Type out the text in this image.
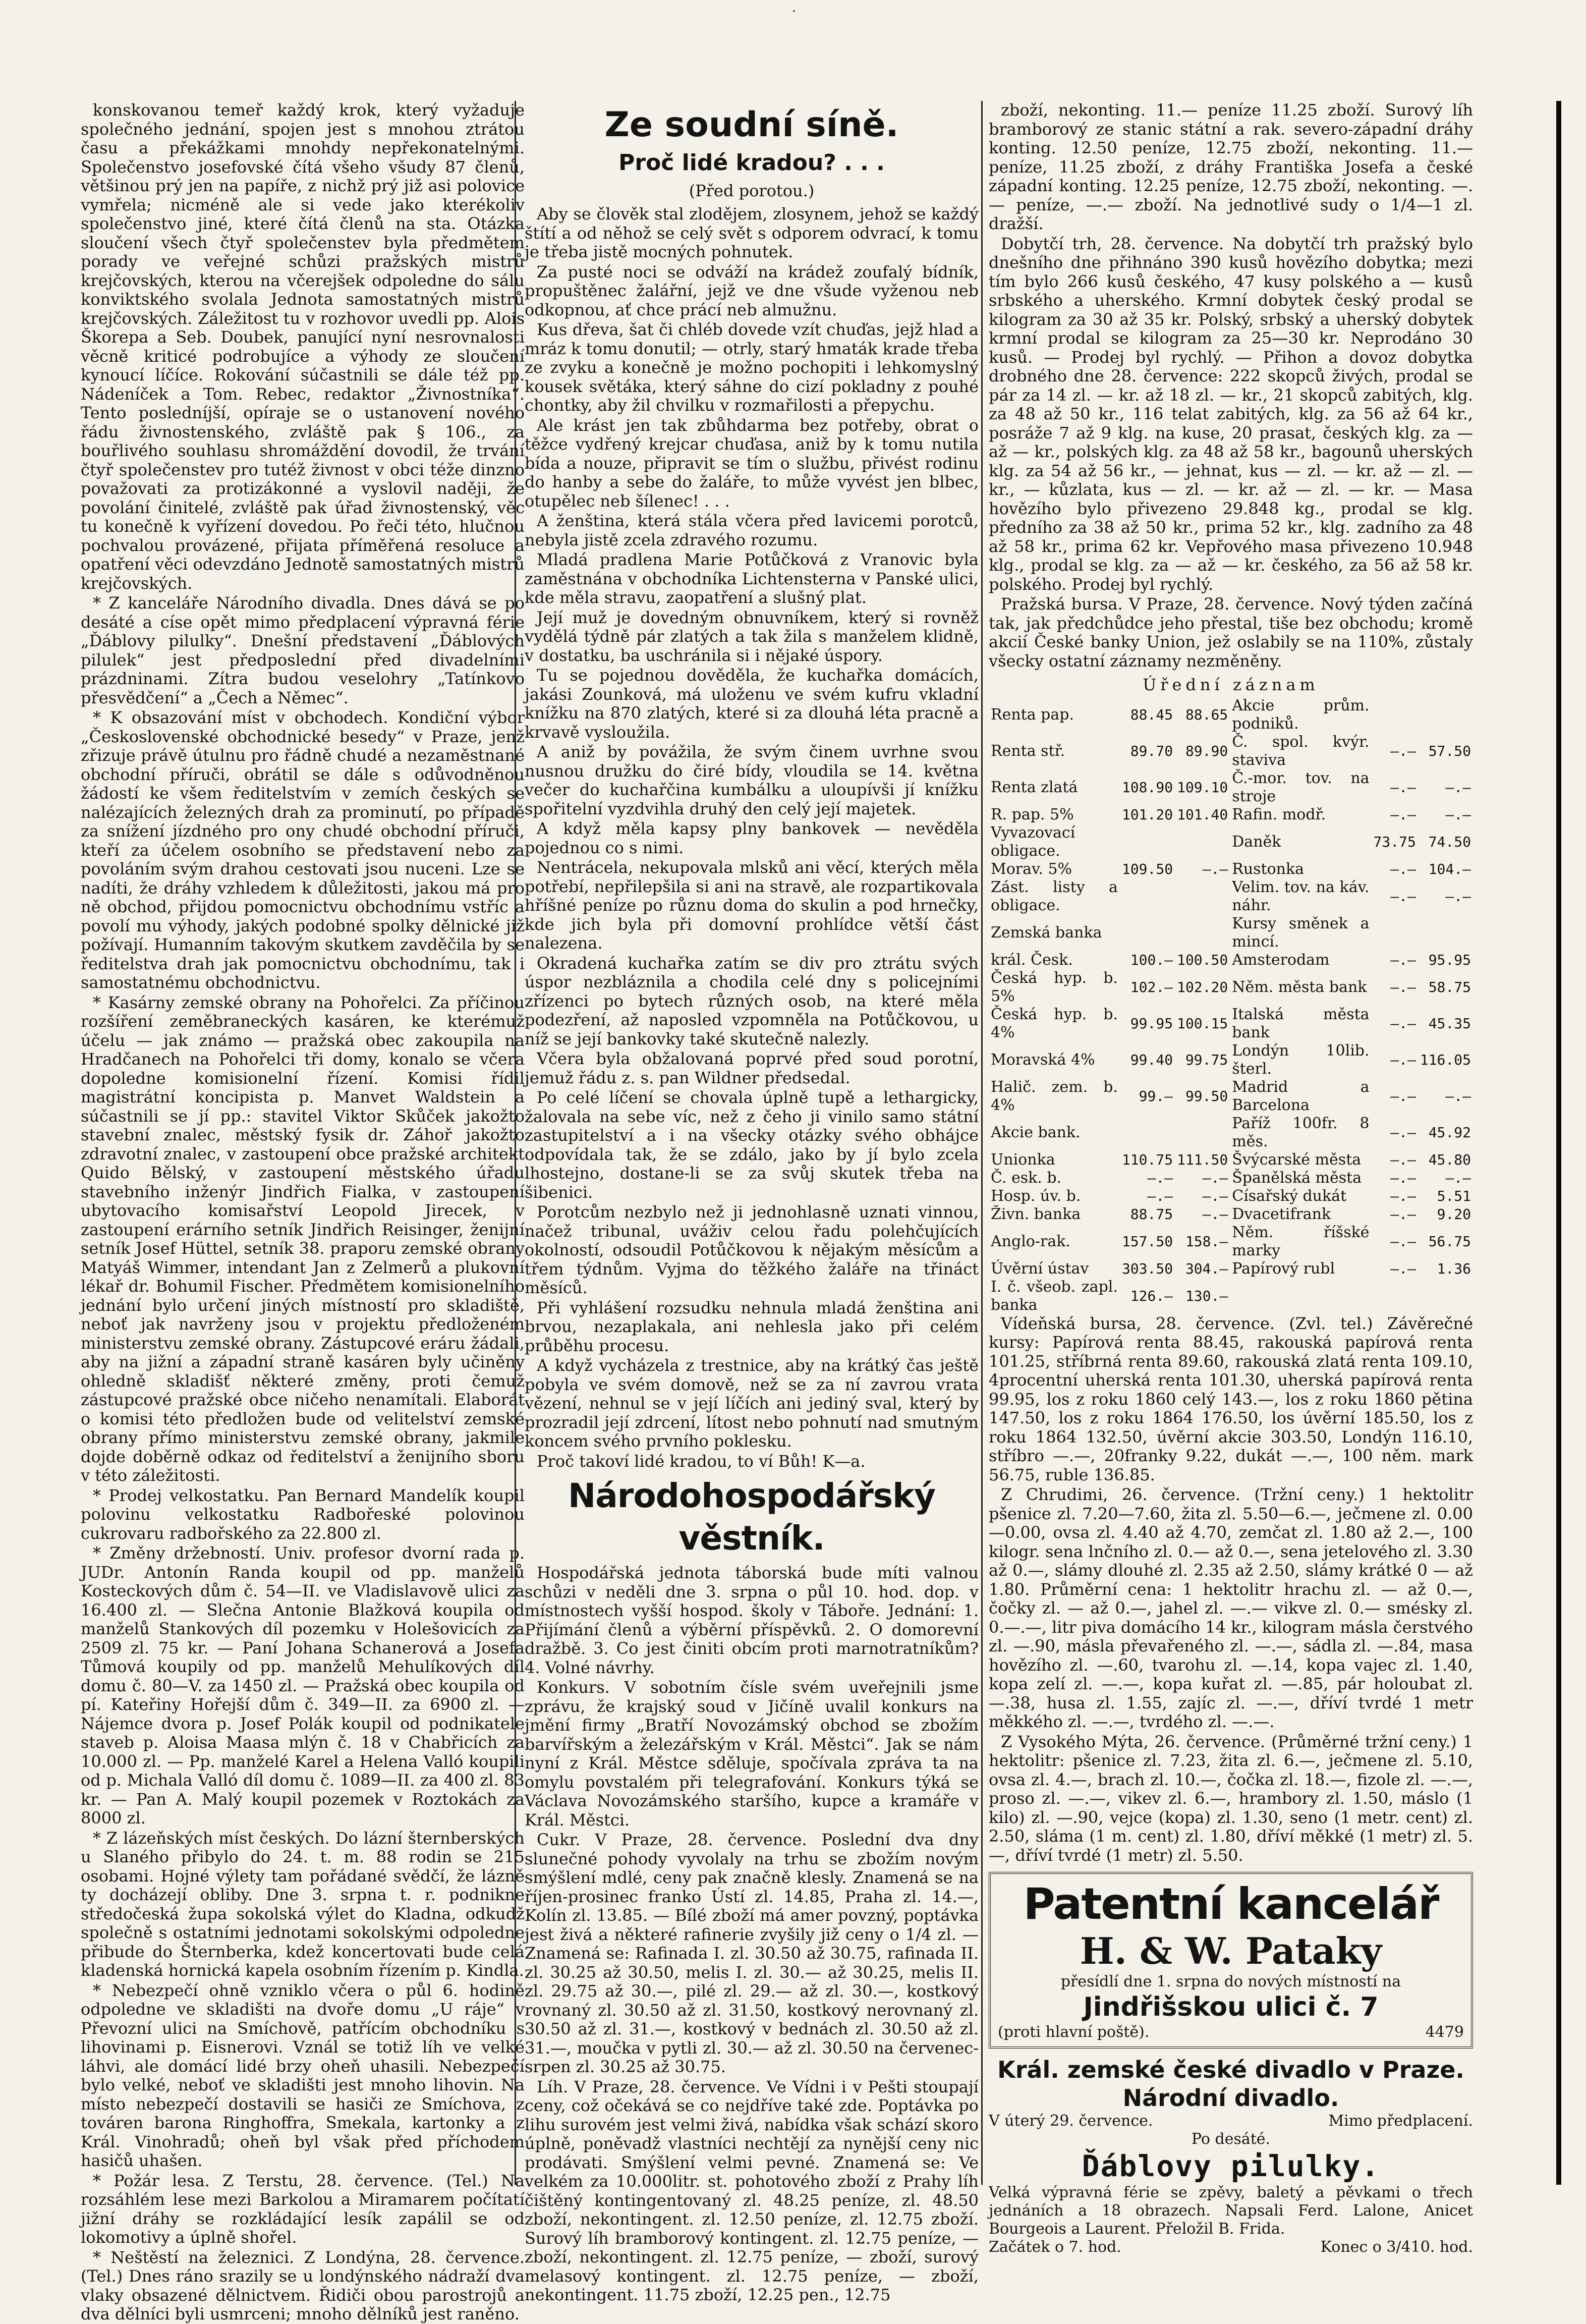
konskovanou temeř každý krok, který vyžaduje společného jednání, spojen jest s mnohou ztrátou času a překážkami mnohdy nepřekonatelnými. Společenstvo josefovské čítá všeho všudy 87 členů, většinou prý jen na papíře, z nichž prý již asi polovice vymřela; nicméně ale si vede jako kterékoliv společenstvo jiné, které čítá členů na sta. Otázka sloučení všech čtyř společenstev byla předmětem porady ve veřejné schůzi pražských mistrů krejčovských, kterou na včerejšek odpoledne do sálu konviktského svolala Jednota samostatných mistrů krejčovských. Záležitost tu v rozhovor uvedli pp. Alois Škorepa a Seb. Doubek, panující nyní nesrovnalosti věcně kriticé podrobujíce a výhody ze sloučení kynoucí líčíce. Rokování súčastnili se dále též pp. Nádeníček a Tom. Rebec, redaktor „Živnostníka“. Tento posledníjší, opíraje se o ustanovení nového řádu živnostenského, zvláště pak § 106., za bouřlivého souhlasu shromáždění dovodil, že trvání čtyř společenstev pro tutéž živnost v obci téže dinzno považovati za protizákonné a vyslovil naději, že povolání činitelé, zvláště pak úřad živnostenský, věc tu konečně k vyřízení dovedou. Po řeči této, hlučnou pochvalou provázené, přijata příměřená resoluce a opatření věci odevzdáno Jednotě samostatných mistrů krejčovských.

* Z kanceláře Národního divadla. Dnes dává se po desáté a císe opět mimo předplacení výpravná férie „Ďáblovy pilulky“. Dnešní představení „Ďáblových pilulek“ jest předposlední před divadelními prázdninami. Zítra budou veselohry „Tatínkovo přesvědčení“ a „Čech a Němec“.

* K obsazování míst v obchodech. Kondiční výbor „Československé obchodnické besedy“ v Praze, jenž zřizuje právě útulnu pro řádně chudé a nezaměstnané obchodní příruči, obrátil se dále s odůvodněnou žádostí ke všem ředitelstvím v zemích českých se nalézajících železných drah za prominutí, po případě za snížení jízdného pro ony chudé obchodní příruči, kteří za účelem osobního se představení nebo za povoláním svým drahou cestovati jsou nuceni. Lze se nadíti, že dráhy vzhledem k důležitosti, jakou má pro ně obchod, přijdou pomocnictvu obchodnímu vstříc a povolí mu výhody, jakých podobné spolky dělnické již požívají. Humanním takovým skutkem zavděčila by se ředitelstva drah jak pomocnictvu obchodnímu, tak i samostatnému obchodnictvu.

* Kasárny zemské obrany na Pohořelci. Za příčinou rozšíření zeměbraneckých kasáren, ke kterémuž účelu — jak známo — pražská obec zakoupila na Hradčanech na Pohořelci tři domy, konalo se včera dopoledne komisionelní řízení. Komisi řídil magistrátní koncipista p. Manvet Waldstein a súčastnili se jí pp.: stavitel Viktor Skůček jakožto stavební znalec, městský fysik dr. Záhoř jakožto zdravotní znalec, v zastoupení obce pražské architekt Quido Bělský, v zastoupení městského úřadu stavebního inženýr Jindřich Fialka, v zastoupení ubytovacího komisařství Leopold Jirecek, v zastoupení erárního setník Jindřich Reisinger, ženijní setník Josef Hüttel, setník 38. praporu zemské obrany Matyáš Wimmer, intendant Jan z Zelmerů a plukovní lékař dr. Bohumil Fischer. Předmětem komisionelního jednání bylo určení jiných místností pro skladiště, neboť jak navrženy jsou v projektu předloženém ministerstvu zemské obrany. Zástupcové eráru žádali, aby na jižní a západní straně kasáren byly učiněny ohledně skladišť některé změny, proti čemuž zástupcové pražské obce ničeho nenamítali. Elaborát o komisi této předložen bude od velitelství zemské obrany přímo ministerstvu zemské obrany, jakmile dojde doběrně odkaz od ředitelství a ženijního sboru v této záležitosti.

* Prodej velkostatku. Pan Bernard Mandelík koupil polovinu velkostatku Radbořeské polovinou cukrovaru radbořského za 22.800 zl.

* Změny držebností. Univ. profesor dvorní rada p. JUDr. Antonín Randa koupil od pp. manželů Kosteckových dům č. 54—II. ve Vladislavově ulici za 16.400 zl. — Slečna Antonie Blažková koupila od manželů Stankových díl pozemku v Holešovicích za 2509 zl. 75 kr. — Paní Johana Schanerová a Josefa Tůmová koupily od pp. manželů Mehulíkových díl domu č. 80—V. za 1450 zl. — Pražská obec koupila od pí. Kateřiny Hořejší dům č. 349—II. za 6900 zl. — Nájemce dvora p. Josef Polák koupil od podnikatele staveb p. Aloisa Maasa mlýn č. 18 v Chabřicích za 10.000 zl. — Pp. manželé Karel a Helena Valló koupili od p. Michala Valló díl domu č. 1089—II. za 400 zl. 83 kr. — Pan A. Malý koupil pozemek v Roztokách za 8000 zl.

* Z lázeňských míst českých. Do lázní šternberských u Slaného přibylo do 24. t. m. 88 rodin se 215 osobami. Hojné výlety tam pořádané svědčí, že lázně ty docházejí obliby. Dne 3. srpna t. r. podnikne středočeská župa sokolská výlet do Kladna, odkudž společně s ostatními jednotami sokolskými odpoledne přibude do Šternberka, kdež koncertovati bude celá kladenská hornická kapela osobním řízením p. Kindla.

* Nebezpečí ohně vzniklo včera o půl 6. hodině odpoledne ve skladišti na dvoře domu „U ráje“ v Převozní ulici na Smíchově, patřícím obchodníku s lihovinami p. Eisnerovi. Vznál se totiž líh ve velké láhvi, ale domácí lidé brzy oheň uhasili. Nebezpečí bylo velké, neboť ve skladišti jest mnoho lihovin. Na místo nebezpečí dostavili se hasiči ze Smíchova, z továren barona Ringhoffra, Smekala, kartonky a z Král. Vinohradů; oheň byl však před příchodem hasičů uhašen.

* Požár lesa. Z Terstu, 28. července. (Tel.) Na rozsáhlém lese mezi Barkolou a Miramarem počítatí jižní dráhy se rozkládající lesík zapálil se od lokomotivy a úplně shořel.

* Neštěstí na železnici. Z Londýna, 28. července. (Tel.) Dnes ráno srazily se u londýnského nádraží dva vlaky obsazené dělnictvem. Řidiči obou parostrojů a dva dělníci byli usmrceni; mnoho dělníků jest raněno.

Ze soudní síně.
Proč lidé kradou? . . .
(Před porotou.)

Aby se člověk stal zlodějem, zlosynem, jehož se každý štítí a od něhož se celý svět s odporem odvrací, k tomu je třeba jistě mocných pohnutek.

Za pusté noci se odváží na krádež zoufalý bídník, propuštěnec žalářní, jejž ve dne všude vyženou neb odkopnou, ať chce prácí neb almužnu.

Kus dřeva, šat či chléb dovede vzít chuďas, jejž hlad a mráz k tomu donutil; — otrly, starý hmaták krade třeba ze zvyku a konečně je možno pochopiti i lehkomyslný kousek světáka, který sáhne do cizí pokladny z pouhé chontky, aby žil chvilku v rozmařilosti a přepychu.

Ale krást jen tak zbůhdarma bez potřeby, obrat o těžce vydřený krejcar chuďasa, aniž by k tomu nutila bída a nouze, připravit se tím o službu, přivést rodinu do hanby a sebe do žaláře, to může vyvést jen blbec, otupělec neb šílenec! . . .

A ženština, která stála včera před lavicemi porotců, nebyla jistě zcela zdravého rozumu.

Mladá pradlena Marie Potůčková z Vranovic byla zaměstnána v obchodníka Lichtensterna v Panské ulici, kde měla stravu, zaopatření a slušný plat.

Její muž je dovedným obnuvníkem, který si rovněž vydělá týdně pár zlatých a tak žila s manželem klidně, v dostatku, ba uschránila si i nějaké úspory.

Tu se pojednou dověděla, že kuchařka domácích, jakási Zounková, má uloženu ve svém kufru vkladní knížku na 870 zlatých, které si za dlouhá léta pracně a krvavě vysloužila.

A aniž by povážila, že svým činem uvrhne svou nusnou družku do čiré bídy, vloudila se 14. května večer do kuchařčina kumbálku a uloupívši jí knížku spořitelní vyzdvihla druhý den celý její majetek.

A když měla kapsy plny bankovek — nevěděla pojednou co s nimi.

Nentrácela, nekupovala mlsků ani věcí, kterých měla potřebí, nepřilepšila si ani na stravě, ale rozpartikovala hříšné peníze po různu doma do skulin a pod hrnečky, kde jich byla při domovní prohlídce větší část nalezena.

Okradená kuchařka zatím se div pro ztrátu svých úspor nezbláznila a chodila celé dny s policejními zřízenci po bytech různých osob, na které měla podezření, až naposled vzpomněla na Potůčkovou, u níž se její bankovky také skutečně nalezly.

Včera byla obžalovaná poprvé před soud porotní, jemuž řádu z. s. pan Wildner předsedal.

Po celé líčení se chovala úplně tupě a lethargicky, žalovala na sebe víc, než z čeho ji vinilo samo státní zastupitelství a i na všecky otázky svého obhájce odpovídala tak, že se zdálo, jako by jí bylo zcela lhostejno, dostane-li se za svůj skutek třeba na šibenici.

Porotcům nezbylo než ji jednohlasně uznati vinnou, načež tribunal, uváživ celou řadu polehčujících okolností, odsoudil Potůčkovou k nějakým měsícům a třem týdnům. Vyjma do těžkého žaláře na třináct měsíců.

Při vyhlášení rozsudku nehnula mladá ženština ani brvou, nezaplakala, ani nehlesla jako při celém průběhu procesu.

A když vycházela z trestnice, aby na krátký čas ještě pobyla ve svém domově, než se za ní zavrou vrata vězení, nehnul se v její líčích ani jediný sval, který by prozradil její zdrcení, lítost nebo pohnutí nad smutným koncem svého prvního poklesku.

Proč takoví lidé kradou, to ví Bůh! K—a.

Národohospodářský věstník.

Hospodářská jednota táborská bude míti valnou schůzi v neděli dne 3. srpna o půl 10. hod. dop. v místnostech vyšší hospod. školy v Táboře. Jednání: 1. Přijímání členů a výběrní příspěvků. 2. O domorevní dražbě. 3. Co jest činiti obcím proti marnotratníkům? 4. Volné návrhy.

Konkurs. V sobotním čísle svém uveřejnili jsme zprávu, že krajský soud v Jičíně uvalil konkurs na jmění firmy „Bratří Novozámský obchod se zbožím barvířským a železářským v Král. Městci“. Jak se nám nyní z Král. Městce sděluje, spočívala zpráva ta na omylu povstalém při telegrafování. Konkurs týká se Václava Novozámského staršího, kupce a kramáře v Král. Městci.

Cukr. V Praze, 28. července. Poslední dva dny slunečné pohody vyvolaly na trhu se zbožím novým smýšlení mdlé, ceny pak značně klesly. Znamená se na říjen-prosinec franko Ústí zl. 14.85, Praha zl. 14.—, Kolín zl. 13.85. — Bílé zboží má amer povzný, poptávka jest živá a některé rafinerie zvyšily již ceny o 1/4 zl. — Znamená se: Rafinada I. zl. 30.50 až 30.75, rafinada II. zl. 30.25 až 30.50, melis I. zl. 30.— až 30.25, melis II. zl. 29.75 až 30.—, pilé zl. 29.— až zl. 30.—, kostkový rovnaný zl. 30.50 až zl. 31.50, kostkový nerovnaný zl. 30.50 až zl. 31.—, kostkový v bednách zl. 30.50 až zl. 31.—, moučka v pytli zl. 30.— až zl. 30.50 na červenec-srpen zl. 30.25 až 30.75.

Líh. V Praze, 28. července. Ve Vídni i v Pešti stoupají ceny, což očekává se co nejdříve také zde. Poptávka po lihu surovém jest velmi živá, nabídka však schází skoro úplně, poněvadž vlastníci nechtějí za nynější ceny nic prodávati. Smýšlení velmi pevné. Znamená se: Ve velkém za 10.000litr. st. pohotového zboží z Prahy líh čištěný kontingentovaný zl. 48.25 peníze, zl. 48.50 zboží, nekontingent. zl. 12.50 peníze, zl. 12.75 zboží. Surový líh bramborový kontingent. zl. 12.75 peníze, — zboží, nekontingent. zl. 12.75 peníze, — zboží, surový melasový kontingent. zl. 12.75 peníze, — zboží, nekontingent. 11.75 zboží, 12.25 pen., 12.75

zboží, nekonting. 11.— peníze 11.25 zboží. Surový líh bramborový ze stanic státní a rak. severo-západní dráhy konting. 12.50 peníze, 12.75 zboží, nekonting. 11.— peníze, 11.25 zboží, z dráhy Františka Josefa a české západní konting. 12.25 peníze, 12.75 zboží, nekonting. —.— peníze, —.— zboží. Na jednotlivé sudy o 1/4—1 zl. dražší.

Dobytčí trh, 28. července. Na dobytčí trh pražský bylo dnešního dne přihnáno 390 kusů hovězího dobytka; mezi tím bylo 266 kusů českého, 47 kusy polského a — kusů srbského a uherského. Krmní dobytek český prodal se kilogram za 30 až 35 kr. Polský, srbský a uherský dobytek krmní prodal se kilogram za 25—30 kr. Neprodáno 30 kusů. — Prodej byl rychlý. — Přihon a dovoz dobytka drobného dne 28. července: 222 skopců živých, prodal se pár za 14 zl. — kr. až 18 zl. — kr., 21 skopců zabitých, klg. za 48 až 50 kr., 116 telat zabitých, klg. za 56 až 64 kr., posráže 7 až 9 klg. na kuse, 20 prasat, českých klg. za — až — kr., polských klg. za 48 až 58 kr., bagounů uherských klg. za 54 až 56 kr., — jehnat, kus — zl. — kr. až — zl. — kr., — kůzlata, kus — zl. — kr. až — zl. — kr. — Masa hovězího bylo přivezeno 29.848 kg., prodal se klg. předního za 38 až 50 kr., prima 52 kr., klg. zadního za 48 až 58 kr., prima 62 kr. Vepřového masa přivezeno 10.948 klg., prodal se klg. za — až — kr. českého, za 56 až 58 kr. polského. Prodej byl rychlý.

Pražská bursa. V Praze, 28. července. Nový týden začíná tak, jak předchůdce jeho přestal, tiše bez obchodu; kromě akcií České banky Union, jež oslabily se na 110%, zůstaly všecky ostatní záznamy nezměněny.

Úřední záznam
Renta pap.	88.45	88.65	Akcie prům. podniků.		
Renta stř.	89.70	89.90	Č. spol. kvýr. staviva	—.—	57.50
Renta zlatá	108.90	109.10	Č.-mor. tov. na stroje	—.—	—.—
R. pap. 5%	101.20	101.40	Rafin. modř.	—.—	—.—
Vyvazovací obligace.			Daněk	73.75	74.50
Morav. 5%	109.50	—.—	Rustonka	—.—	104.—
Zást. listy a obligace.			Velim. tov. na káv. náhr.	—.—	—.—
Zemská banka			Kursy směnek a mincí.		
král. Česk.	100.—	100.50	Amsterodam	—.—	95.95
Česká hyp. b. 5%	102.—	102.20	Něm. města bank	—.—	58.75
Česká hyp. b. 4%	99.95	100.15	Italská města bank	—.—	45.35
Moravská 4%	99.40	99.75	Londýn 10lib. šterl.	—.—	116.05
Halič. zem. b. 4%	99.—	99.50	Madrid a Barcelona	—.—	—.—
Akcie bank.			Paříž 100fr. 8 měs.	—.—	45.92
Unionka	110.75	111.50	Švýcarské města	—.—	45.80
Č. esk. b.	—.—	—.—	Španělská města	—.—	—.—
Hosp. úv. b.	—.—	—.—	Císařský dukát	—.—	5.51
Živn. banka	88.75	—.—	Dvacetifrank	—.—	9.20
Anglo-rak.	157.50	158.—	Něm. říšské marky	—.—	56.75
Úvěrní ústav	303.50	304.—	Papírový rubl	—.—	1.36
I. č. všeob. zapl. banka	126.—	130.—			

Vídeňská bursa, 28. července. (Zvl. tel.) Závěrečné kursy: Papírová renta 88.45, rakouská papírová renta 101.25, stříbrná renta 89.60, rakouská zlatá renta 109.10, 4procentní uherská renta 101.30, uherská papírová renta 99.95, los z roku 1860 celý 143.—, los z roku 1860 pětina 147.50, los z roku 1864 176.50, los úvěrní 185.50, los z roku 1864 132.50, úvěrní akcie 303.50, Londýn 116.10, stříbro —.—, 20franky 9.22, dukát —.—, 100 něm. mark 56.75, ruble 136.85.

Z Chrudimi, 26. července. (Tržní ceny.) 1 hektolitr pšenice zl. 7.20—7.60, žita zl. 5.50—6.—, ječmene zl. 0.00—0.00, ovsa zl. 4.40 až 4.70, zemčat zl. 1.80 až 2.—, 100 kilogr. sena lnčního zl. 0.— až 0.—, sena jetelového zl. 3.30 až 0.—, slámy dlouhé zl. 2.35 až 2.50, slámy krátké 0 — až 1.80. Průměrní cena: 1 hektolitr hrachu zl. — až 0.—, čočky zl. — až 0.—, jahel zl. —.— vikve zl. 0.— smésky zl. 0.—.—, litr piva domácího 14 kr., kilogram másla čerstvého zl. —.90, másla převařeného zl. —.—, sádla zl. —.84, masa hovězího zl. —.60, tvarohu zl. —.14, kopa vajec zl. 1.40, kopa zelí zl. —.—, kopa kuřat zl. —.85, pár holoubat zl. —.38, husa zl. 1.55, zajíc zl. —.—, dříví tvrdé 1 metr měkkého zl. —.—, tvrdého zl. —.—.

Z Vysokého Mýta, 26. července. (Průměrné tržní ceny.) 1 hektolitr: pšenice zl. 7.23, žita zl. 6.—, ječmene zl. 5.10, ovsa zl. 4.—, brach zl. 10.—, čočka zl. 18.—, fizole zl. —.—, proso zl. —.—, vikev zl. 6.—, hrambory zl. 1.50, máslo (1 kilo) zl. —.90, vejce (kopa) zl. 1.30, seno (1 metr. cent) zl. 2.50, sláma (1 m. cent) zl. 1.80, dříví měkké (1 metr) zl. 5.—, dříví tvrdé (1 metr) zl. 5.50.

Patentní kancelář
H. & W. Pataky
přesídlí dne 1. srpna do nových místností na
Jindřišskou ulici č. 7
(proti hlavní poště).	4479
Král. zemské české divadlo v Praze.
Národní divadlo.
V úterý 29. července.	Mimo předplacení.
Po desáté.
Ďáblovy pilulky.
Velká výpravná férie se zpěvy, baletý a pěvkami o třech jednáních a 18 obrazech. Napsali Ferd. Lalone, Anicet Bourgeois a Laurent. Přeložil B. Frida.
Začátek o 7. hod.	Konec o 3/410. hod.
